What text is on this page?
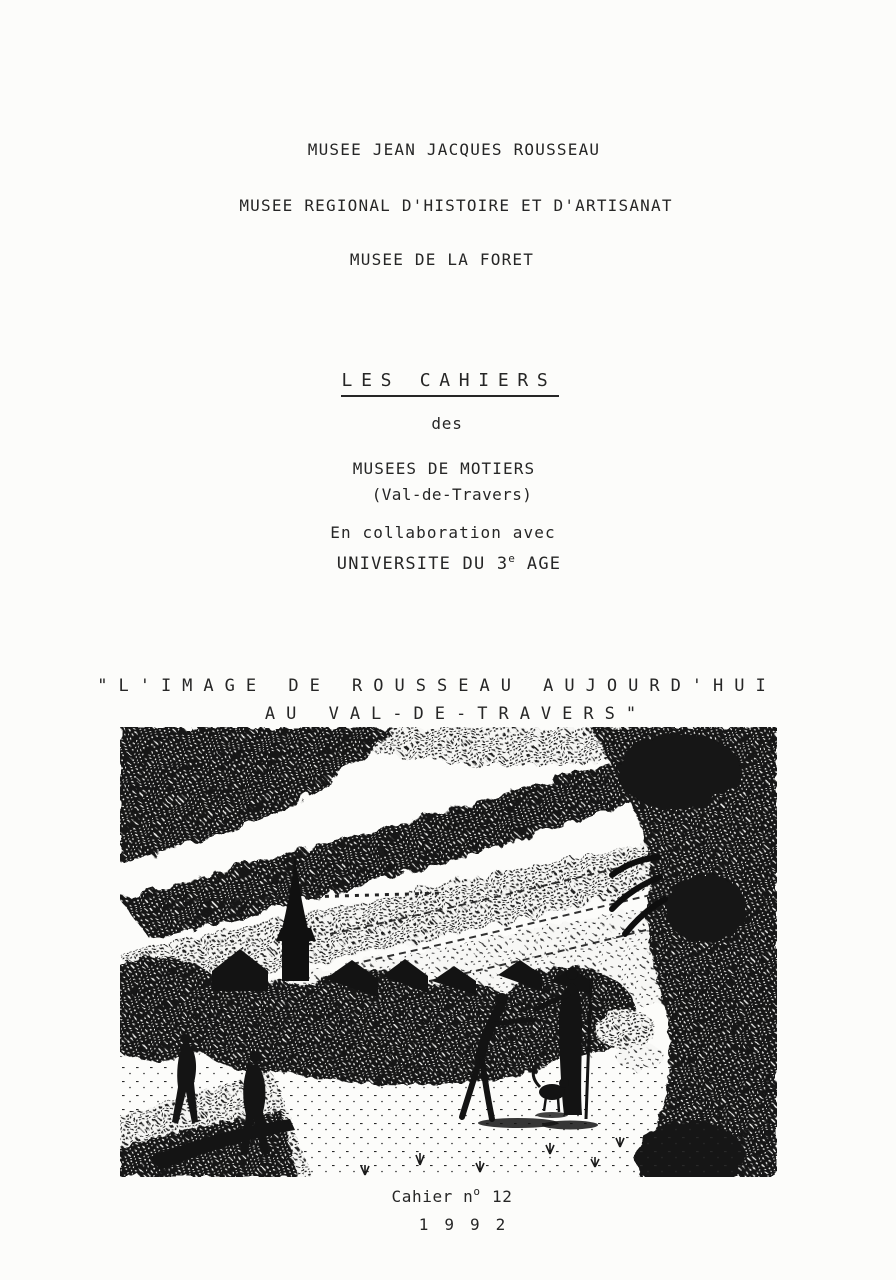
MUSEE JEAN JACQUES ROUSSEAU
MUSEE REGIONAL D'HISTOIRE ET D'ARTISANAT
MUSEE DE LA FORET
LES CAHIERS
des
MUSEES DE MOTIERS
(Val-de-Travers)
En collaboration avec
UNIVERSITE DU 3e AGE
"L'IMAGE DE ROUSSEAU AUJOURD'HUI
AU VAL-DE-TRAVERS"
Cahier $n^o$ 12
1992
